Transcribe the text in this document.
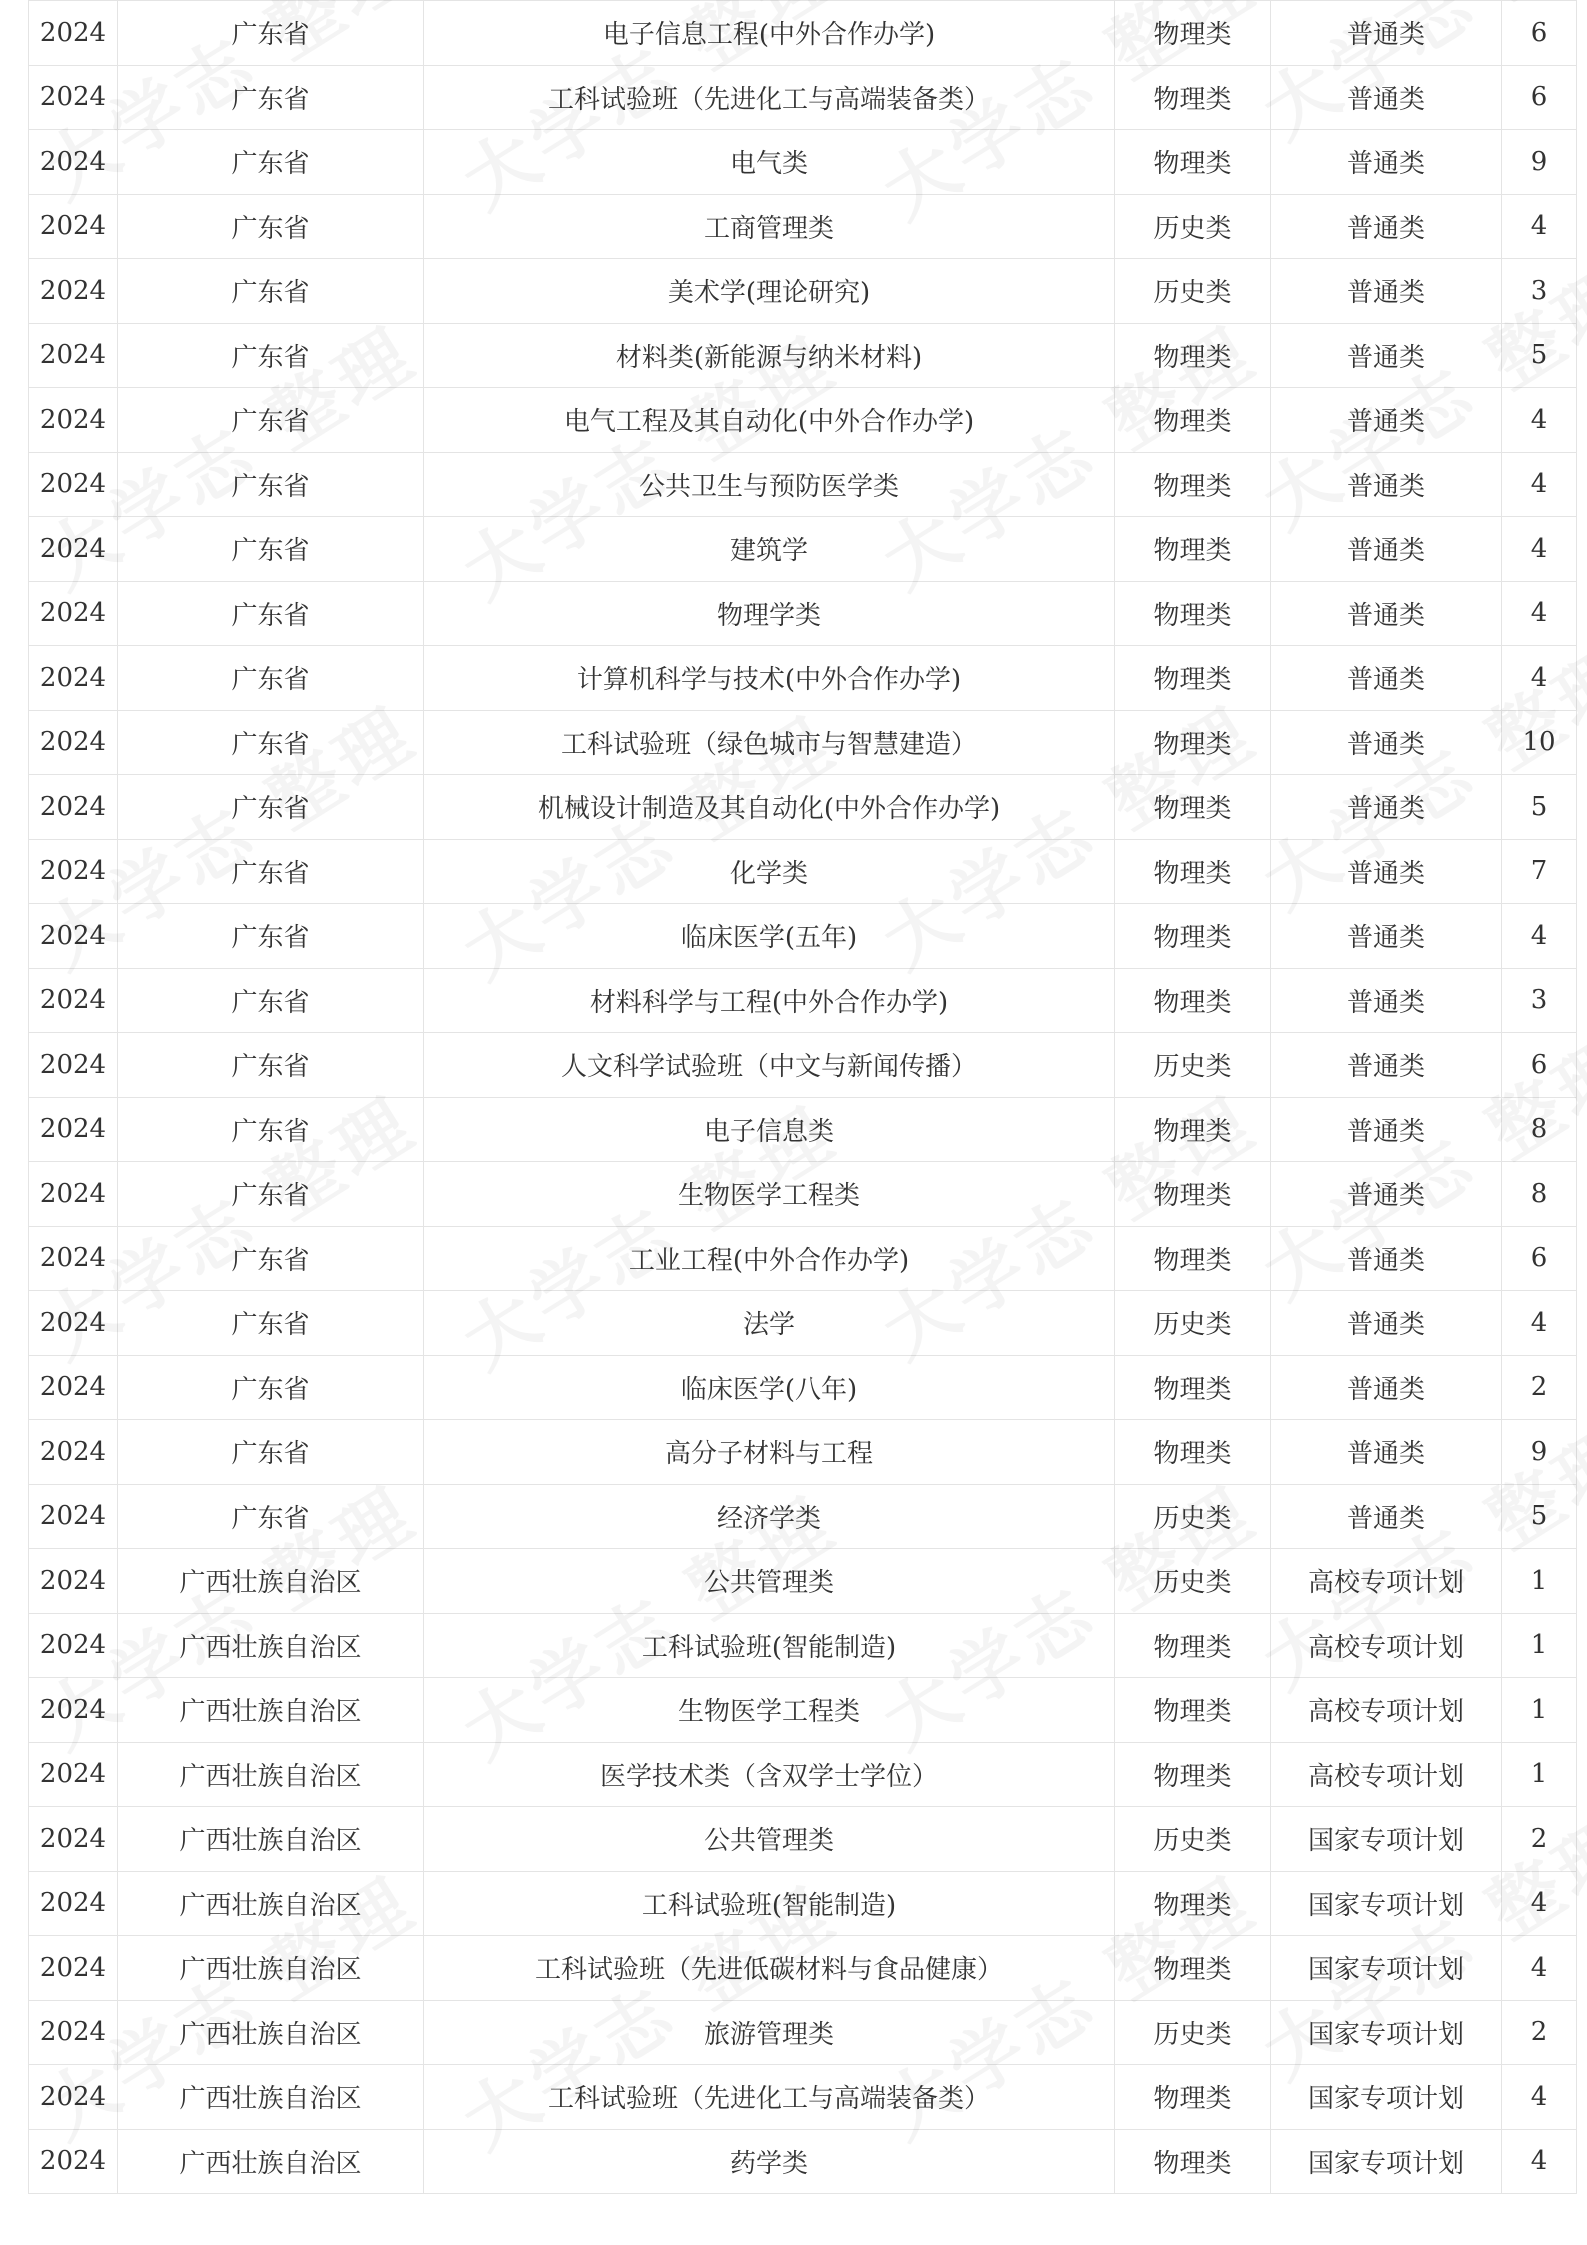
2024	广东省	电子信息工程(中外合作办学)	物理类	普通类	6
2024	广东省	工科试验班（先进化工与高端装备类）	物理类	普通类	6
2024	广东省	电气类	物理类	普通类	9
2024	广东省	工商管理类	历史类	普通类	4
2024	广东省	美术学(理论研究)	历史类	普通类	3
2024	广东省	材料类(新能源与纳米材料)	物理类	普通类	5
2024	广东省	电气工程及其自动化(中外合作办学)	物理类	普通类	4
2024	广东省	公共卫生与预防医学类	物理类	普通类	4
2024	广东省	建筑学	物理类	普通类	4
2024	广东省	物理学类	物理类	普通类	4
2024	广东省	计算机科学与技术(中外合作办学)	物理类	普通类	4
2024	广东省	工科试验班（绿色城市与智慧建造）	物理类	普通类	10
2024	广东省	机械设计制造及其自动化(中外合作办学)	物理类	普通类	5
2024	广东省	化学类	物理类	普通类	7
2024	广东省	临床医学(五年)	物理类	普通类	4
2024	广东省	材料科学与工程(中外合作办学)	物理类	普通类	3
2024	广东省	人文科学试验班（中文与新闻传播）	历史类	普通类	6
2024	广东省	电子信息类	物理类	普通类	8
2024	广东省	生物医学工程类	物理类	普通类	8
2024	广东省	工业工程(中外合作办学)	物理类	普通类	6
2024	广东省	法学	历史类	普通类	4
2024	广东省	临床医学(八年)	物理类	普通类	2
2024	广东省	高分子材料与工程	物理类	普通类	9
2024	广东省	经济学类	历史类	普通类	5
2024	广西壮族自治区	公共管理类	历史类	高校专项计划	1
2024	广西壮族自治区	工科试验班(智能制造)	物理类	高校专项计划	1
2024	广西壮族自治区	生物医学工程类	物理类	高校专项计划	1
2024	广西壮族自治区	医学技术类（含双学士学位）	物理类	高校专项计划	1
2024	广西壮族自治区	公共管理类	历史类	国家专项计划	2
2024	广西壮族自治区	工科试验班(智能制造)	物理类	国家专项计划	4
2024	广西壮族自治区	工科试验班（先进低碳材料与食品健康）	物理类	国家专项计划	4
2024	广西壮族自治区	旅游管理类	历史类	国家专项计划	2
2024	广西壮族自治区	工科试验班（先进化工与高端装备类）	物理类	国家专项计划	4
2024	广西壮族自治区	药学类	物理类	国家专项计划	4
